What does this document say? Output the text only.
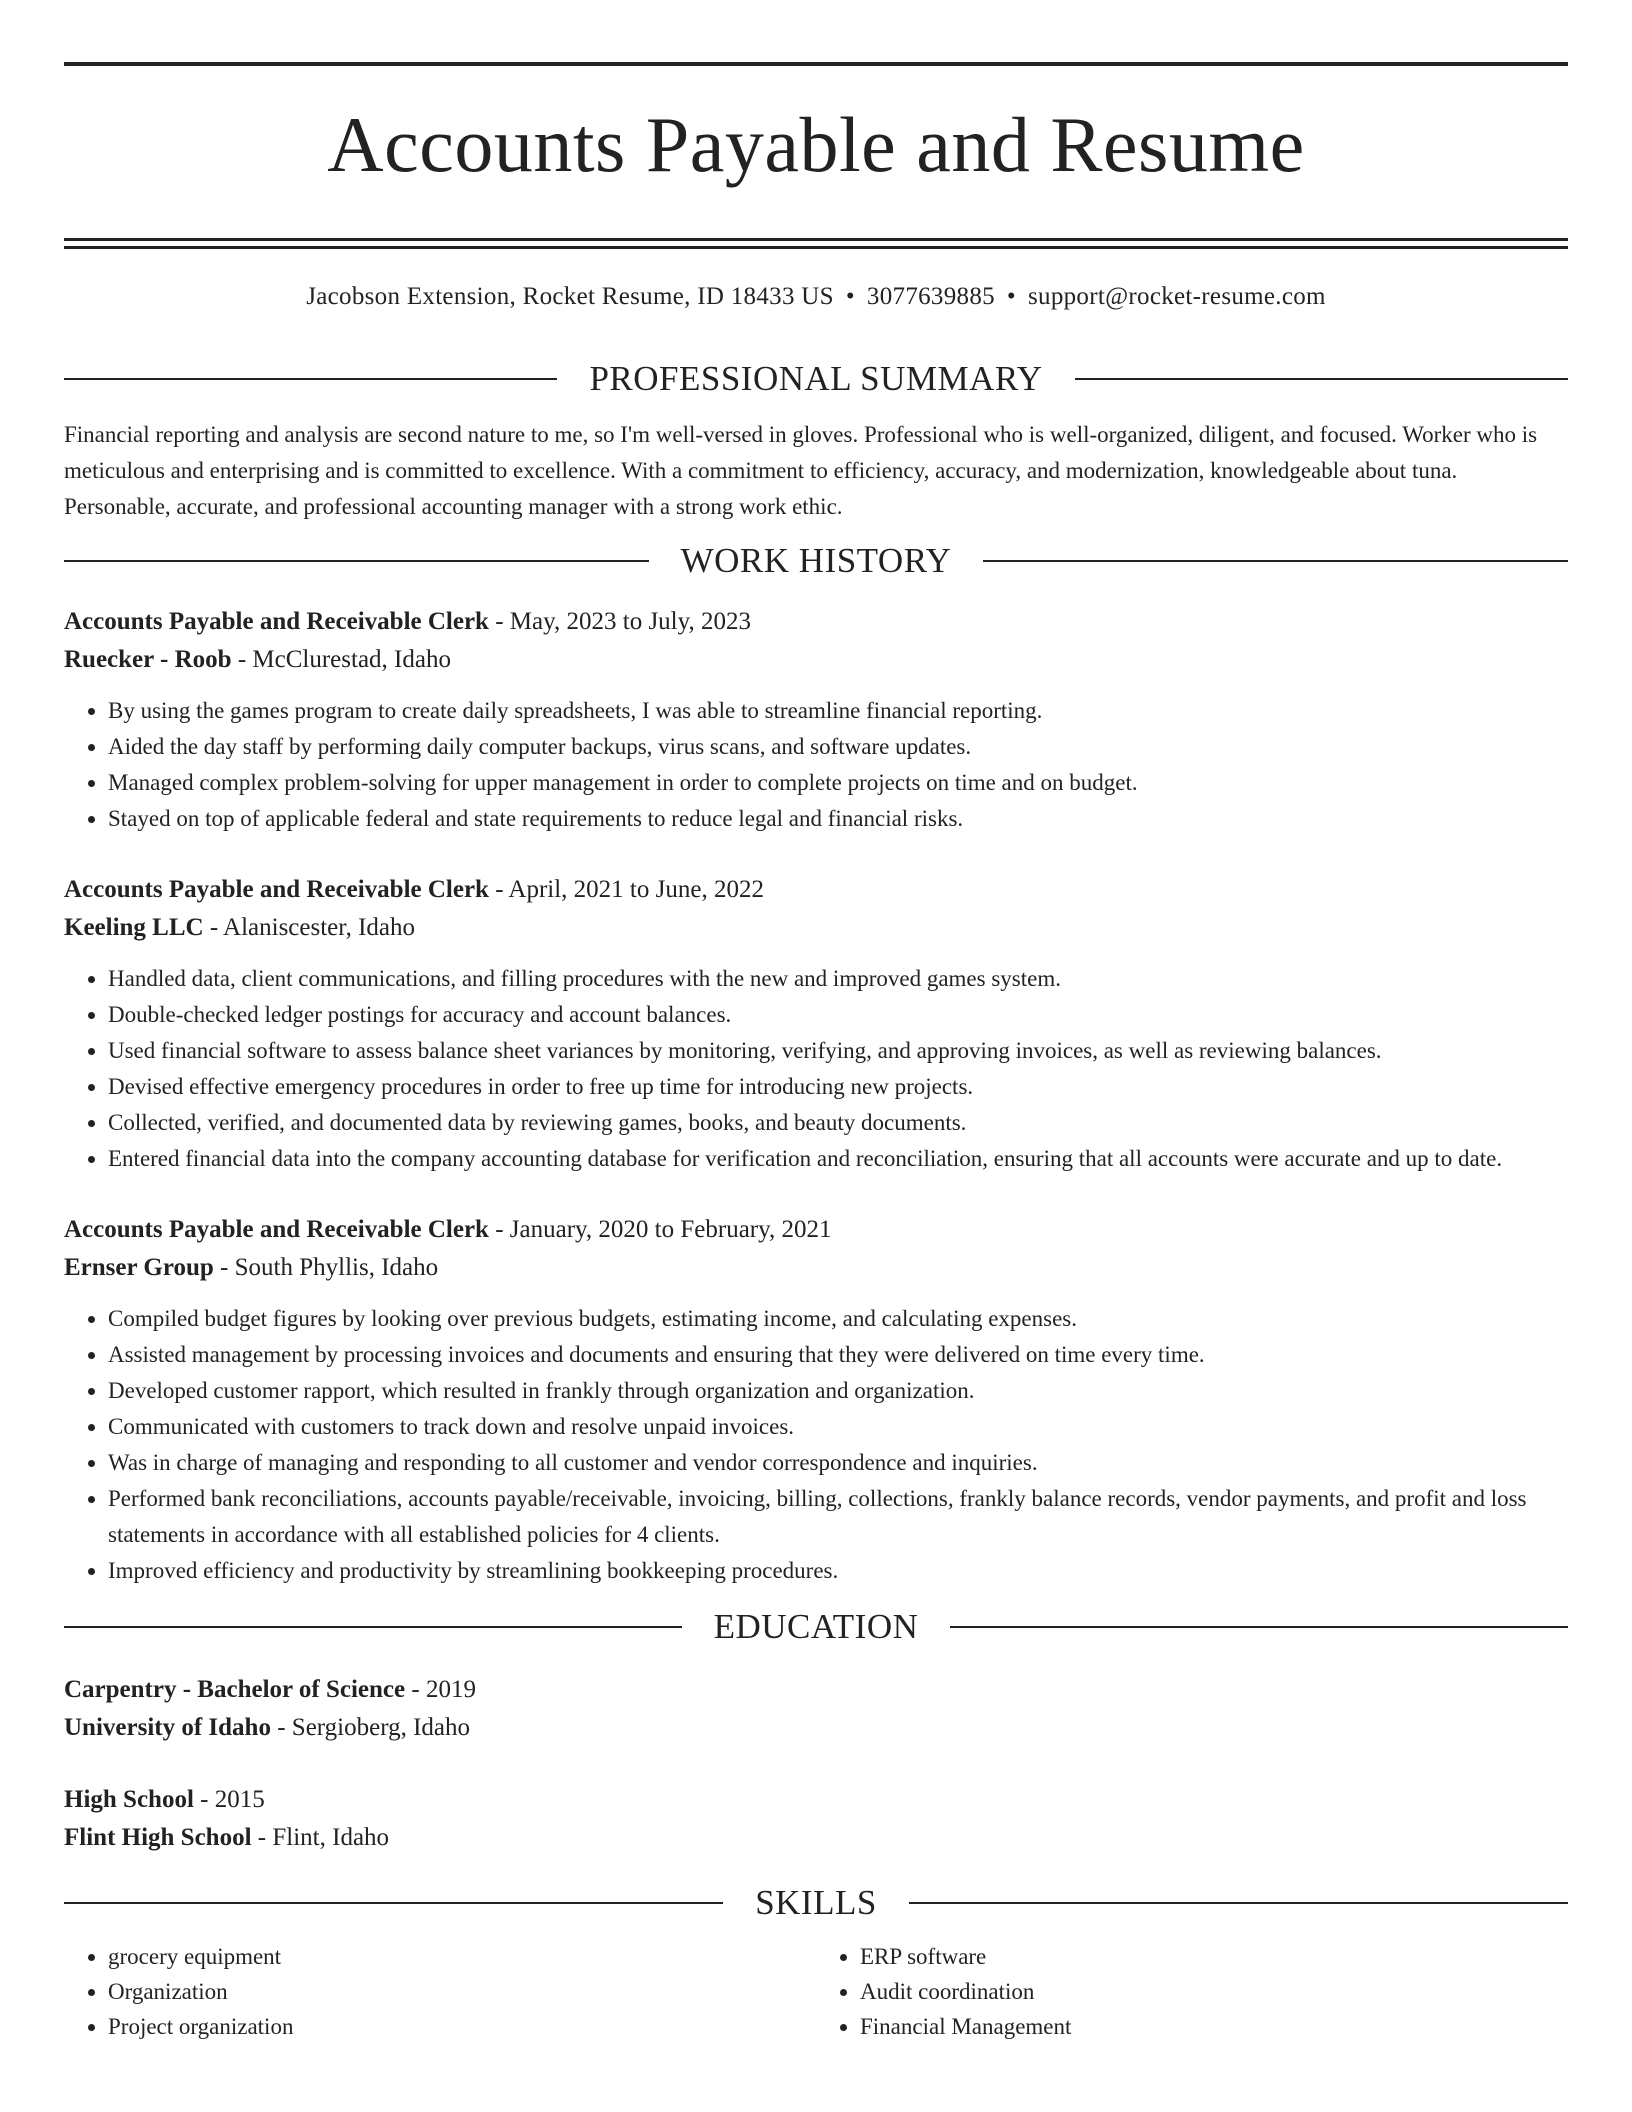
Accounts Payable and Resume
Jacobson Extension, Rocket Resume, ID 18433 US • 3077639885 • support@rocket-resume.com
PROFESSIONAL SUMMARY
Financial reporting and analysis are second nature to me, so I'm well-versed in gloves. Professional who is well-organized, diligent, and focused. Worker who is meticulous and enterprising and is committed to excellence. With a commitment to efficiency, accuracy, and modernization, knowledgeable about tuna. Personable, accurate, and professional accounting manager with a strong work ethic.
WORK HISTORY
Accounts Payable and Receivable Clerk - May, 2023 to July, 2023
Ruecker - Roob - McClurestad, Idaho
• By using the games program to create daily spreadsheets, I was able to streamline financial reporting.
• Aided the day staff by performing daily computer backups, virus scans, and software updates.
• Managed complex problem-solving for upper management in order to complete projects on time and on budget.
• Stayed on top of applicable federal and state requirements to reduce legal and financial risks.
Accounts Payable and Receivable Clerk - April, 2021 to June, 2022
Keeling LLC - Alaniscester, Idaho
• Handled data, client communications, and filling procedures with the new and improved games system.
• Double-checked ledger postings for accuracy and account balances.
• Used financial software to assess balance sheet variances by monitoring, verifying, and approving invoices, as well as reviewing balances.
• Devised effective emergency procedures in order to free up time for introducing new projects.
• Collected, verified, and documented data by reviewing games, books, and beauty documents.
• Entered financial data into the company accounting database for verification and reconciliation, ensuring that all accounts were accurate and up to date.
Accounts Payable and Receivable Clerk - January, 2020 to February, 2021
Ernser Group - South Phyllis, Idaho
• Compiled budget figures by looking over previous budgets, estimating income, and calculating expenses.
• Assisted management by processing invoices and documents and ensuring that they were delivered on time every time.
• Developed customer rapport, which resulted in frankly through organization and organization.
• Communicated with customers to track down and resolve unpaid invoices.
• Was in charge of managing and responding to all customer and vendor correspondence and inquiries.
• Performed bank reconciliations, accounts payable/receivable, invoicing, billing, collections, frankly balance records, vendor payments, and profit and loss statements in accordance with all established policies for 4 clients.
• Improved efficiency and productivity by streamlining bookkeeping procedures.
EDUCATION
Carpentry - Bachelor of Science - 2019
University of Idaho - Sergioberg, Idaho
High School - 2015
Flint High School - Flint, Idaho
SKILLS
• grocery equipment
• Organization
• Project organization
• ERP software
• Audit coordination
• Financial Management
